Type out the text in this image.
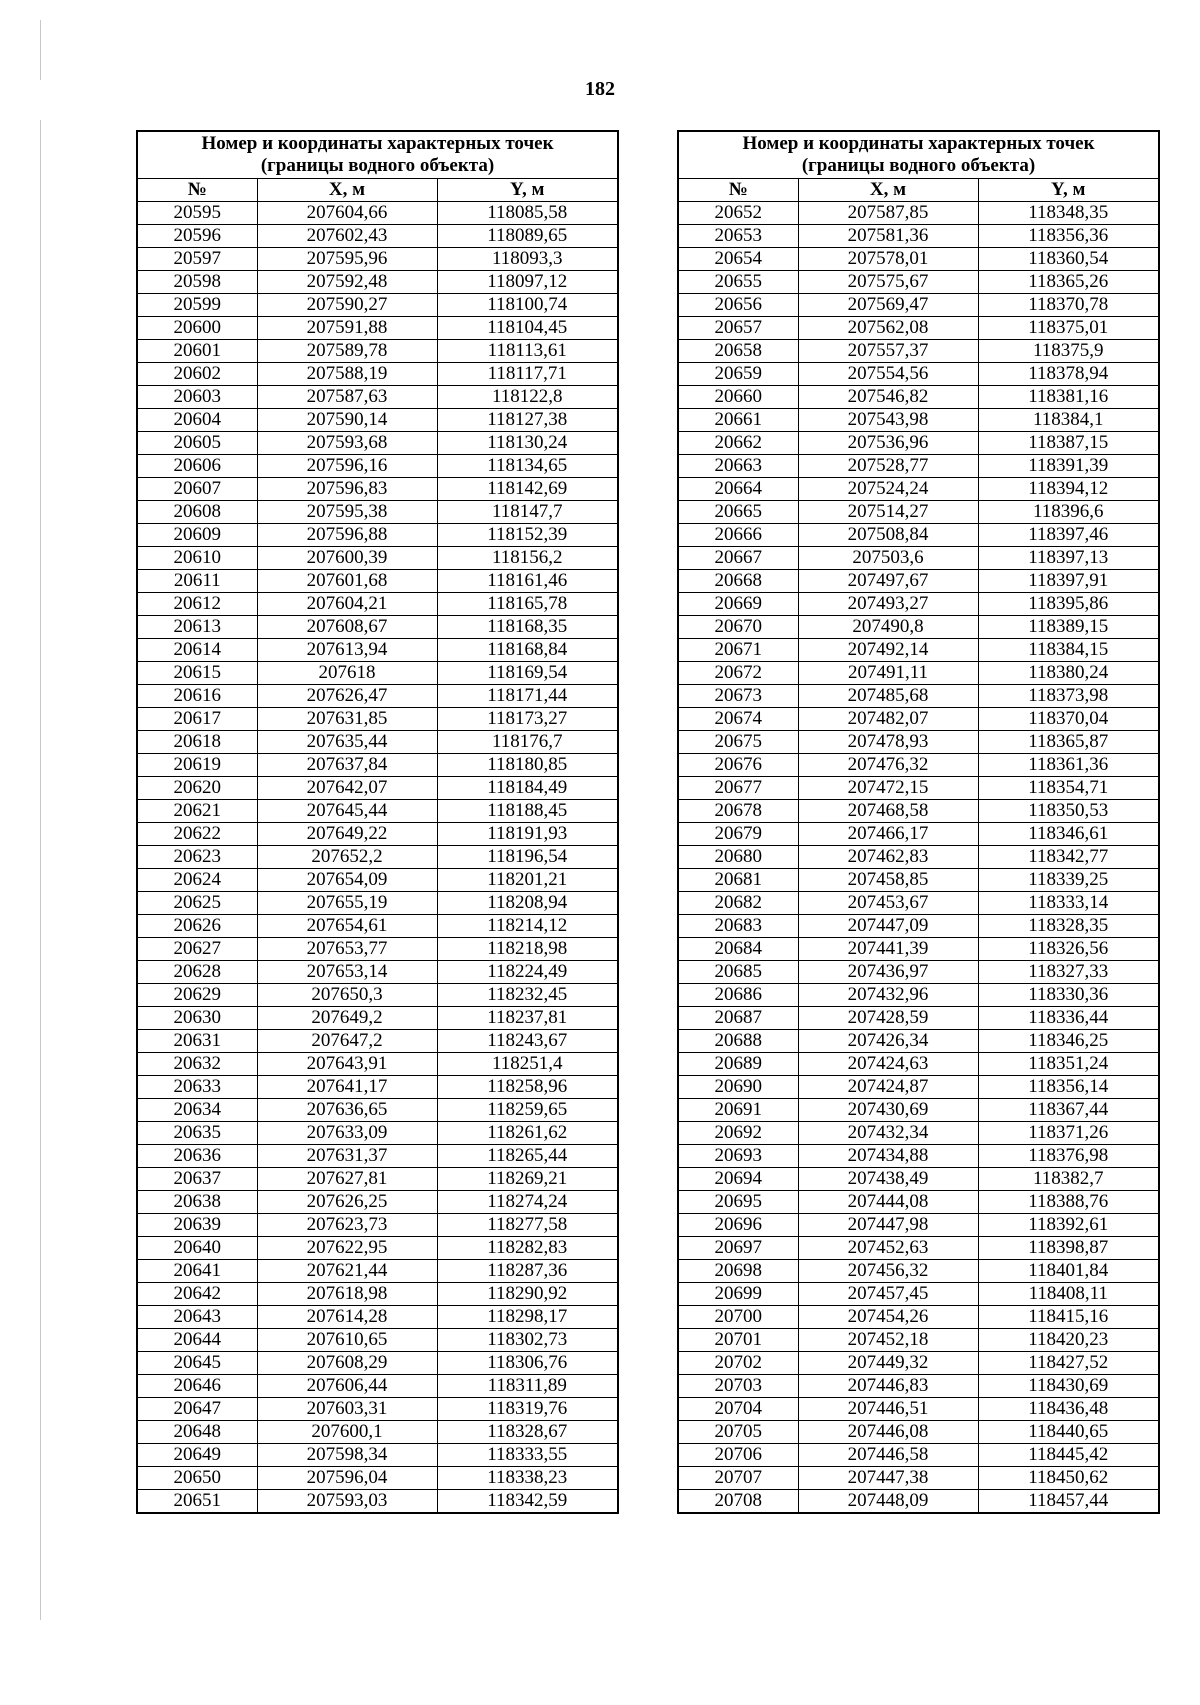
182
Номер и координаты характерных точек
(границы водного объекта)		

№	X, м	Y, м
20595	207604,66	118085,58
20596	207602,43	118089,65
20597	207595,96	118093,3
20598	207592,48	118097,12
20599	207590,27	118100,74
20600	207591,88	118104,45
20601	207589,78	118113,61
20602	207588,19	118117,71
20603	207587,63	118122,8
20604	207590,14	118127,38
20605	207593,68	118130,24
20606	207596,16	118134,65
20607	207596,83	118142,69
20608	207595,38	118147,7
20609	207596,88	118152,39
20610	207600,39	118156,2
20611	207601,68	118161,46
20612	207604,21	118165,78
20613	207608,67	118168,35
20614	207613,94	118168,84
20615	207618	118169,54
20616	207626,47	118171,44
20617	207631,85	118173,27
20618	207635,44	118176,7
20619	207637,84	118180,85
20620	207642,07	118184,49
20621	207645,44	118188,45
20622	207649,22	118191,93
20623	207652,2	118196,54
20624	207654,09	118201,21
20625	207655,19	118208,94
20626	207654,61	118214,12
20627	207653,77	118218,98
20628	207653,14	118224,49
20629	207650,3	118232,45
20630	207649,2	118237,81
20631	207647,2	118243,67
20632	207643,91	118251,4
20633	207641,17	118258,96
20634	207636,65	118259,65
20635	207633,09	118261,62
20636	207631,37	118265,44
20637	207627,81	118269,21
20638	207626,25	118274,24
20639	207623,73	118277,58
20640	207622,95	118282,83
20641	207621,44	118287,36
20642	207618,98	118290,92
20643	207614,28	118298,17
20644	207610,65	118302,73
20645	207608,29	118306,76
20646	207606,44	118311,89
20647	207603,31	118319,76
20648	207600,1	118328,67
20649	207598,34	118333,55
20650	207596,04	118338,23
20651	207593,03	118342,59
Номер и координаты характерных точек
(границы водного объекта)		

№	X, м	Y, м
20652	207587,85	118348,35
20653	207581,36	118356,36
20654	207578,01	118360,54
20655	207575,67	118365,26
20656	207569,47	118370,78
20657	207562,08	118375,01
20658	207557,37	118375,9
20659	207554,56	118378,94
20660	207546,82	118381,16
20661	207543,98	118384,1
20662	207536,96	118387,15
20663	207528,77	118391,39
20664	207524,24	118394,12
20665	207514,27	118396,6
20666	207508,84	118397,46
20667	207503,6	118397,13
20668	207497,67	118397,91
20669	207493,27	118395,86
20670	207490,8	118389,15
20671	207492,14	118384,15
20672	207491,11	118380,24
20673	207485,68	118373,98
20674	207482,07	118370,04
20675	207478,93	118365,87
20676	207476,32	118361,36
20677	207472,15	118354,71
20678	207468,58	118350,53
20679	207466,17	118346,61
20680	207462,83	118342,77
20681	207458,85	118339,25
20682	207453,67	118333,14
20683	207447,09	118328,35
20684	207441,39	118326,56
20685	207436,97	118327,33
20686	207432,96	118330,36
20687	207428,59	118336,44
20688	207426,34	118346,25
20689	207424,63	118351,24
20690	207424,87	118356,14
20691	207430,69	118367,44
20692	207432,34	118371,26
20693	207434,88	118376,98
20694	207438,49	118382,7
20695	207444,08	118388,76
20696	207447,98	118392,61
20697	207452,63	118398,87
20698	207456,32	118401,84
20699	207457,45	118408,11
20700	207454,26	118415,16
20701	207452,18	118420,23
20702	207449,32	118427,52
20703	207446,83	118430,69
20704	207446,51	118436,48
20705	207446,08	118440,65
20706	207446,58	118445,42
20707	207447,38	118450,62
20708	207448,09	118457,44
